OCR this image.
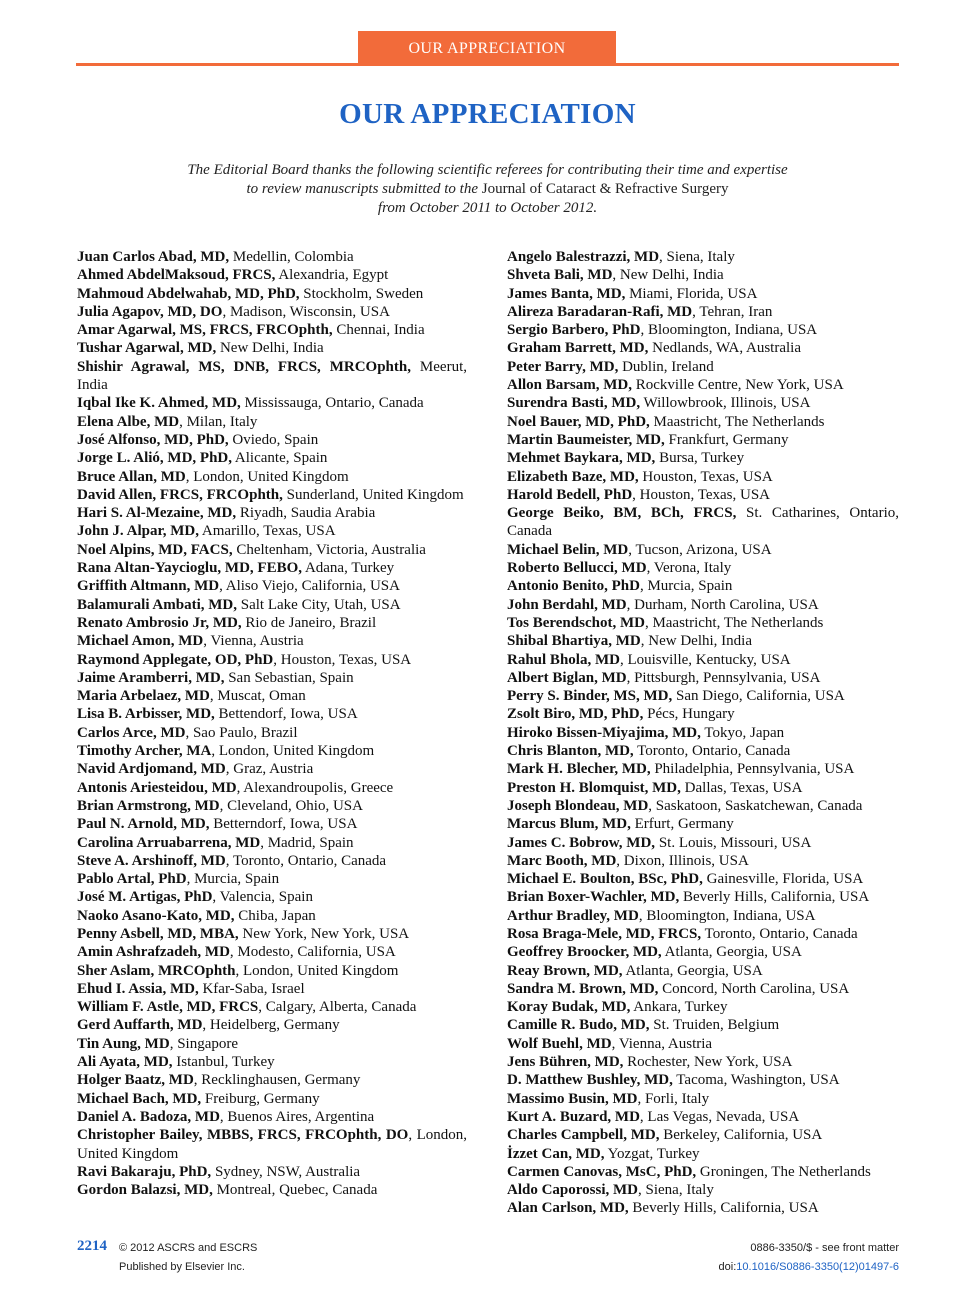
OUR APPRECIATION
OUR APPRECIATION
The Editorial Board thanks the following scientific referees for contributing their time and expertise
to review manuscripts submitted to the Journal of Cataract & Refractive Surgery
from October 2011 to October 2012.
Juan Carlos Abad, MD, Medellin, Colombia
Ahmed AbdelMaksoud, FRCS, Alexandria, Egypt
Mahmoud Abdelwahab, MD, PhD, Stockholm, Sweden
Julia Agapov, MD, DO, Madison, Wisconsin, USA
Amar Agarwal, MS, FRCS, FRCOphth, Chennai, India
Tushar Agarwal, MD, New Delhi, India
Shishir Agrawal, MS, DNB, FRCS, MRCOphth, Meerut, India
Iqbal Ike K. Ahmed, MD, Mississauga, Ontario, Canada
Elena Albe, MD, Milan, Italy
José Alfonso, MD, PhD, Oviedo, Spain
Jorge L. Alió, MD, PhD, Alicante, Spain
Bruce Allan, MD, London, United Kingdom
David Allen, FRCS, FRCOphth, Sunderland, United Kingdom
Hari S. Al-Mezaine, MD, Riyadh, Saudia Arabia
John J. Alpar, MD, Amarillo, Texas, USA
Noel Alpins, MD, FACS, Cheltenham, Victoria, Australia
Rana Altan-Yaycioglu, MD, FEBO, Adana, Turkey
Griffith Altmann, MD, Aliso Viejo, California, USA
Balamurali Ambati, MD, Salt Lake City, Utah, USA
Renato Ambrosio Jr, MD, Rio de Janeiro, Brazil
Michael Amon, MD, Vienna, Austria
Raymond Applegate, OD, PhD, Houston, Texas, USA
Jaime Aramberri, MD, San Sebastian, Spain
Maria Arbelaez, MD, Muscat, Oman
Lisa B. Arbisser, MD, Bettendorf, Iowa, USA
Carlos Arce, MD, Sao Paulo, Brazil
Timothy Archer, MA, London, United Kingdom
Navid Ardjomand, MD, Graz, Austria
Antonis Ariesteidou, MD, Alexandroupolis, Greece
Brian Armstrong, MD, Cleveland, Ohio, USA
Paul N. Arnold, MD, Betterndorf, Iowa, USA
Carolina Arruabarrena, MD, Madrid, Spain
Steve A. Arshinoff, MD, Toronto, Ontario, Canada
Pablo Artal, PhD, Murcia, Spain
José M. Artigas, PhD, Valencia, Spain
Naoko Asano-Kato, MD, Chiba, Japan
Penny Asbell, MD, MBA, New York, New York, USA
Amin Ashrafzadeh, MD, Modesto, California, USA
Sher Aslam, MRCOphth, London, United Kingdom
Ehud I. Assia, MD, Kfar-Saba, Israel
William F. Astle, MD, FRCS, Calgary, Alberta, Canada
Gerd Auffarth, MD, Heidelberg, Germany
Tin Aung, MD, Singapore
Ali Ayata, MD, Istanbul, Turkey
Holger Baatz, MD, Recklinghausen, Germany
Michael Bach, MD, Freiburg, Germany
Daniel A. Badoza, MD, Buenos Aires, Argentina
Christopher Bailey, MBBS, FRCS, FRCOphth, DO, London, United Kingdom
Ravi Bakaraju, PhD, Sydney, NSW, Australia
Gordon Balazsi, MD, Montreal, Quebec, Canada
Angelo Balestrazzi, MD, Siena, Italy
Shveta Bali, MD, New Delhi, India
James Banta, MD, Miami, Florida, USA
Alireza Baradaran-Rafi, MD, Tehran, Iran
Sergio Barbero, PhD, Bloomington, Indiana, USA
Graham Barrett, MD, Nedlands, WA, Australia
Peter Barry, MD, Dublin, Ireland
Allon Barsam, MD, Rockville Centre, New York, USA
Surendra Basti, MD, Willowbrook, Illinois, USA
Noel Bauer, MD, PhD, Maastricht, The Netherlands
Martin Baumeister, MD, Frankfurt, Germany
Mehmet Baykara, MD, Bursa, Turkey
Elizabeth Baze, MD, Houston, Texas, USA
Harold Bedell, PhD, Houston, Texas, USA
George Beiko, BM, BCh, FRCS, St. Catharines, Ontario, Canada
Michael Belin, MD, Tucson, Arizona, USA
Roberto Bellucci, MD, Verona, Italy
Antonio Benito, PhD, Murcia, Spain
John Berdahl, MD, Durham, North Carolina, USA
Tos Berendschot, MD, Maastricht, The Netherlands
Shibal Bhartiya, MD, New Delhi, India
Rahul Bhola, MD, Louisville, Kentucky, USA
Albert Biglan, MD, Pittsburgh, Pennsylvania, USA
Perry S. Binder, MS, MD, San Diego, California, USA
Zsolt Biro, MD, PhD, Pécs, Hungary
Hiroko Bissen-Miyajima, MD, Tokyo, Japan
Chris Blanton, MD, Toronto, Ontario, Canada
Mark H. Blecher, MD, Philadelphia, Pennsylvania, USA
Preston H. Blomquist, MD, Dallas, Texas, USA
Joseph Blondeau, MD, Saskatoon, Saskatchewan, Canada
Marcus Blum, MD, Erfurt, Germany
James C. Bobrow, MD, St. Louis, Missouri, USA
Marc Booth, MD, Dixon, Illinois, USA
Michael E. Boulton, BSc, PhD, Gainesville, Florida, USA
Brian Boxer-Wachler, MD, Beverly Hills, California, USA
Arthur Bradley, MD, Bloomington, Indiana, USA
Rosa Braga-Mele, MD, FRCS, Toronto, Ontario, Canada
Geoffrey Broocker, MD, Atlanta, Georgia, USA
Reay Brown, MD, Atlanta, Georgia, USA
Sandra M. Brown, MD, Concord, North Carolina, USA
Koray Budak, MD, Ankara, Turkey
Camille R. Budo, MD, St. Truiden, Belgium
Wolf Buehl, MD, Vienna, Austria
Jens Bühren, MD, Rochester, New York, USA
D. Matthew Bushley, MD, Tacoma, Washington, USA
Massimo Busin, MD, Forli, Italy
Kurt A. Buzard, MD, Las Vegas, Nevada, USA
Charles Campbell, MD, Berkeley, California, USA
İzzet Can, MD, Yozgat, Turkey
Carmen Canovas, MsC, PhD, Groningen, The Netherlands
Aldo Caporossi, MD, Siena, Italy
Alan Carlson, MD, Beverly Hills, California, USA
2214 © 2012 ASCRS and ESCRS
Published by Elsevier Inc.
0886-3350/$ - see front matter
doi:10.1016/S0886-3350(12)01497-6
